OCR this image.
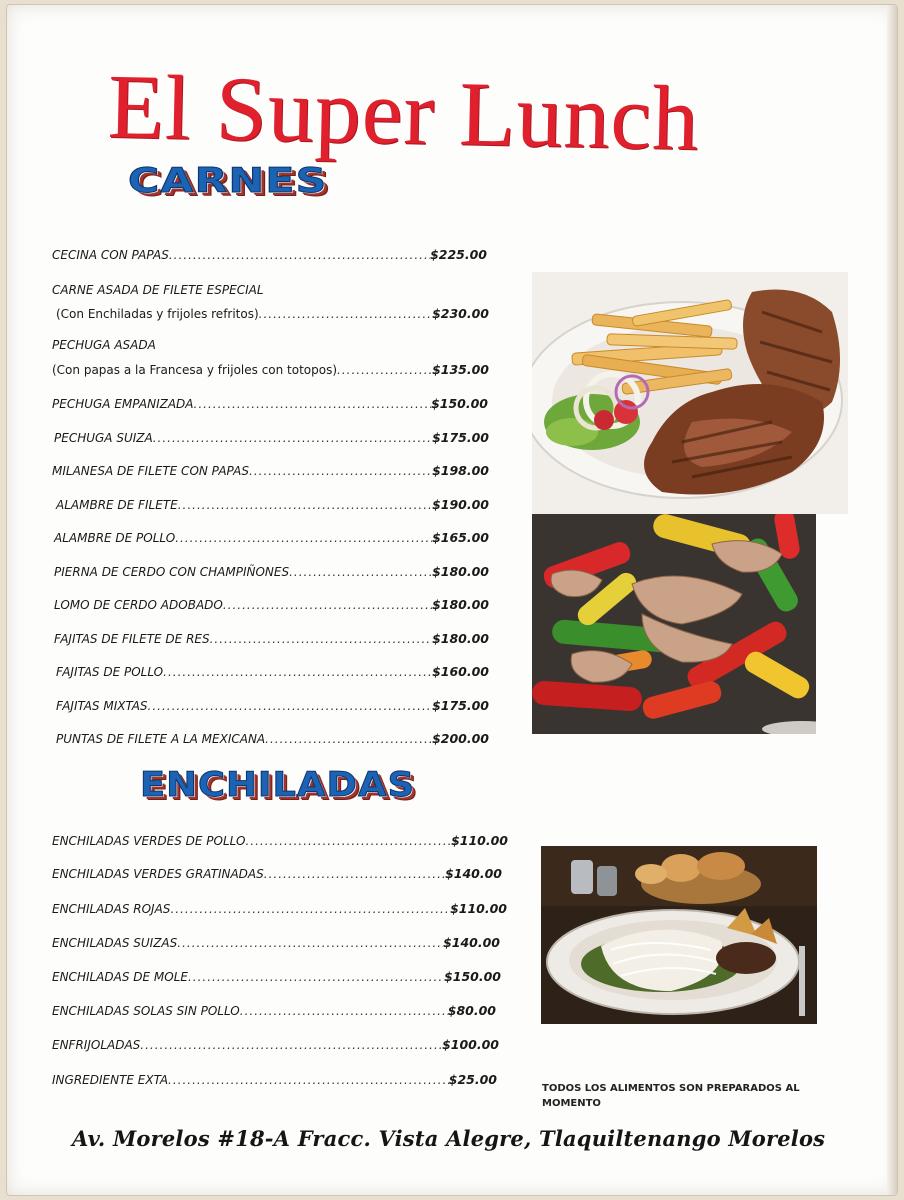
El Super Lunch
CARNES
CECINA CON PAPAS .....	$225.00
CARNE ASADA DE FILETE ESPECIAL
(Con Enchiladas y frijoles refritos) .....	$230.00
PECHUGA ASADA
(Con papas a la Francesa y frijoles con totopos) .....	$135.00
PECHUGA EMPANIZADA .....	$150.00
PECHUGA SUIZA .....	$175.00
MILANESA DE FILETE CON PAPAS .....	$198.00
ALAMBRE DE FILETE .....	$190.00
ALAMBRE DE POLLO .....	$165.00
PIERNA DE CERDO CON CHAMPIÑONES .....	$180.00
LOMO DE CERDO ADOBADO .....	$180.00
FAJITAS DE FILETE DE RES .....	$180.00
FAJITAS DE POLLO .....	$160.00
FAJITAS MIXTAS .....	$175.00
PUNTAS DE FILETE A LA MEXICANA .....	$200.00
ENCHILADAS
ENCHILADAS VERDES DE POLLO .....	$110.00
ENCHILADAS VERDES GRATINADAS .....	$140.00
ENCHILADAS ROJAS .....	$110.00
ENCHILADAS SUIZAS .....	$140.00
ENCHILADAS DE MOLE .....	$150.00
ENCHILADAS SOLAS SIN POLLO .....	$80.00
ENFRIJOLADAS .....	$100.00
INGREDIENTE EXTA .....	$25.00
TODOS LOS ALIMENTOS SON PREPARADOS AL MOMENTO
Av. Morelos #18-A Fracc. Vista Alegre, Tlaquiltenango Morelos
